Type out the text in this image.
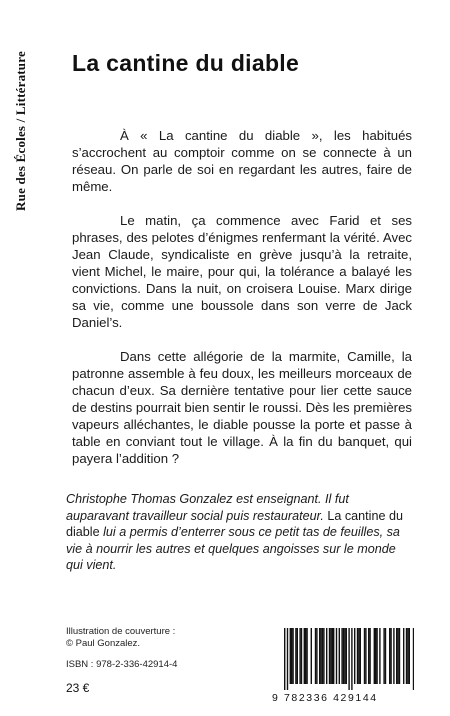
Rue des Écoles / Littérature La cantine du diable

À « La cantine du diable », les habitués s’accrochent au comptoir comme on se connecte à un réseau. On parle de soi en regardant les autres, faire de même.

Le matin, ça commence avec Farid et ses phrases, des pelotes d’énigmes renfermant la vérité. Avec Jean Claude, syndicaliste en grève jusqu’à la retraite, vient Michel, le maire, pour qui, la tolérance a balayé les convictions. Dans la nuit, on croisera Louise. Marx dirige sa vie, comme une boussole dans son verre de Jack Daniel’s.

Dans cette allégorie de la marmite, Camille, la patronne assemble à feu doux, les meilleurs morceaux de chacun d’eux. Sa dernière tentative pour lier cette sauce de destins pourrait bien sentir le roussi. Dès les premières vapeurs alléchantes, le diable pousse la porte et passe à table en conviant tout le village. À la fin du banquet, qui payera l’addition ?

Christophe Thomas Gonzalez est enseignant. Il fut auparavant travailleur social puis restaurateur. La cantine du diable lui a permis d’enterrer sous ce petit tas de feuilles, sa vie à nourrir les autres et quelques angoisses sur le monde qui vient.

Illustration de couverture :
© Paul Gonzalez.
ISBN : 978-2-336-42914-4
23 €
9 782336 429144
